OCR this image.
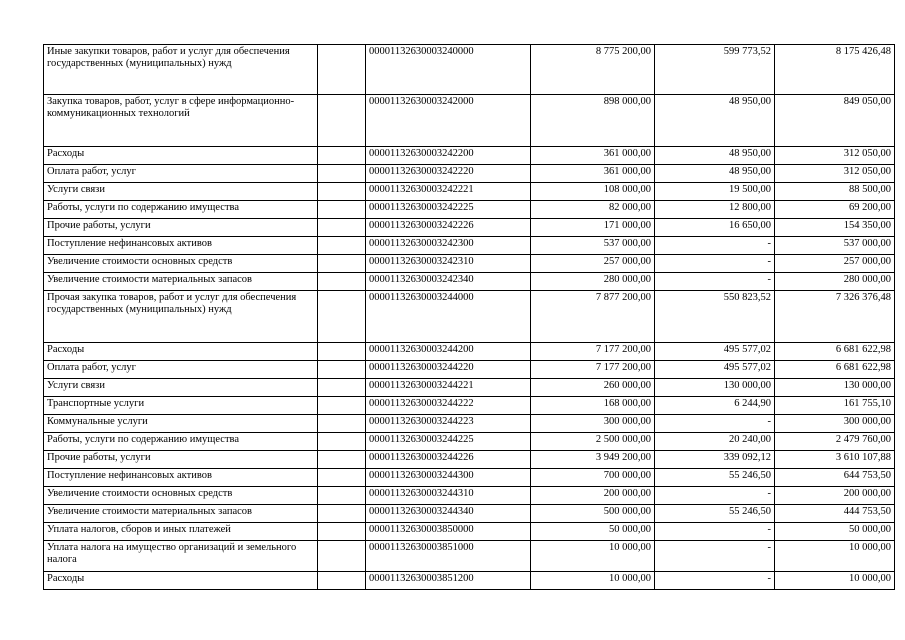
Иные закупки товаров, работ и услуг для обеспечения государственных (муниципальных) нужд		00001132630003240000	8 775 200,00	599 773,52	8 175 426,48
Закупка товаров, работ, услуг в сфере информационно-коммуникационных технологий		00001132630003242000	898 000,00	48 950,00	849 050,00
Расходы		00001132630003242200	361 000,00	48 950,00	312 050,00
Оплата работ, услуг		00001132630003242220	361 000,00	48 950,00	312 050,00
Услуги связи		00001132630003242221	108 000,00	19 500,00	88 500,00
Работы, услуги по содержанию имущества		00001132630003242225	82 000,00	12 800,00	69 200,00
Прочие работы, услуги		00001132630003242226	171 000,00	16 650,00	154 350,00
Поступление нефинансовых активов		00001132630003242300	537 000,00	-	537 000,00
Увеличение стоимости основных средств		00001132630003242310	257 000,00	-	257 000,00
Увеличение стоимости материальных запасов		00001132630003242340	280 000,00	-	280 000,00
Прочая закупка товаров, работ и услуг для обеспечения государственных (муниципальных) нужд		00001132630003244000	7 877 200,00	550 823,52	7 326 376,48
Расходы		00001132630003244200	7 177 200,00	495 577,02	6 681 622,98
Оплата работ, услуг		00001132630003244220	7 177 200,00	495 577,02	6 681 622,98
Услуги связи		00001132630003244221	260 000,00	130 000,00	130 000,00
Транспортные услуги		00001132630003244222	168 000,00	6 244,90	161 755,10
Коммунальные услуги		00001132630003244223	300 000,00	-	300 000,00
Работы, услуги по содержанию имущества		00001132630003244225	2 500 000,00	20 240,00	2 479 760,00
Прочие работы, услуги		00001132630003244226	3 949 200,00	339 092,12	3 610 107,88
Поступление нефинансовых активов		00001132630003244300	700 000,00	55 246,50	644 753,50
Увеличение стоимости основных средств		00001132630003244310	200 000,00	-	200 000,00
Увеличение стоимости материальных запасов		00001132630003244340	500 000,00	55 246,50	444 753,50
Уплата налогов, сборов и иных платежей		00001132630003850000	50 000,00	-	50 000,00
Уплата налога на имущество организаций и земельного налога		00001132630003851000	10 000,00	-	10 000,00
Расходы		00001132630003851200	10 000,00	-	10 000,00
